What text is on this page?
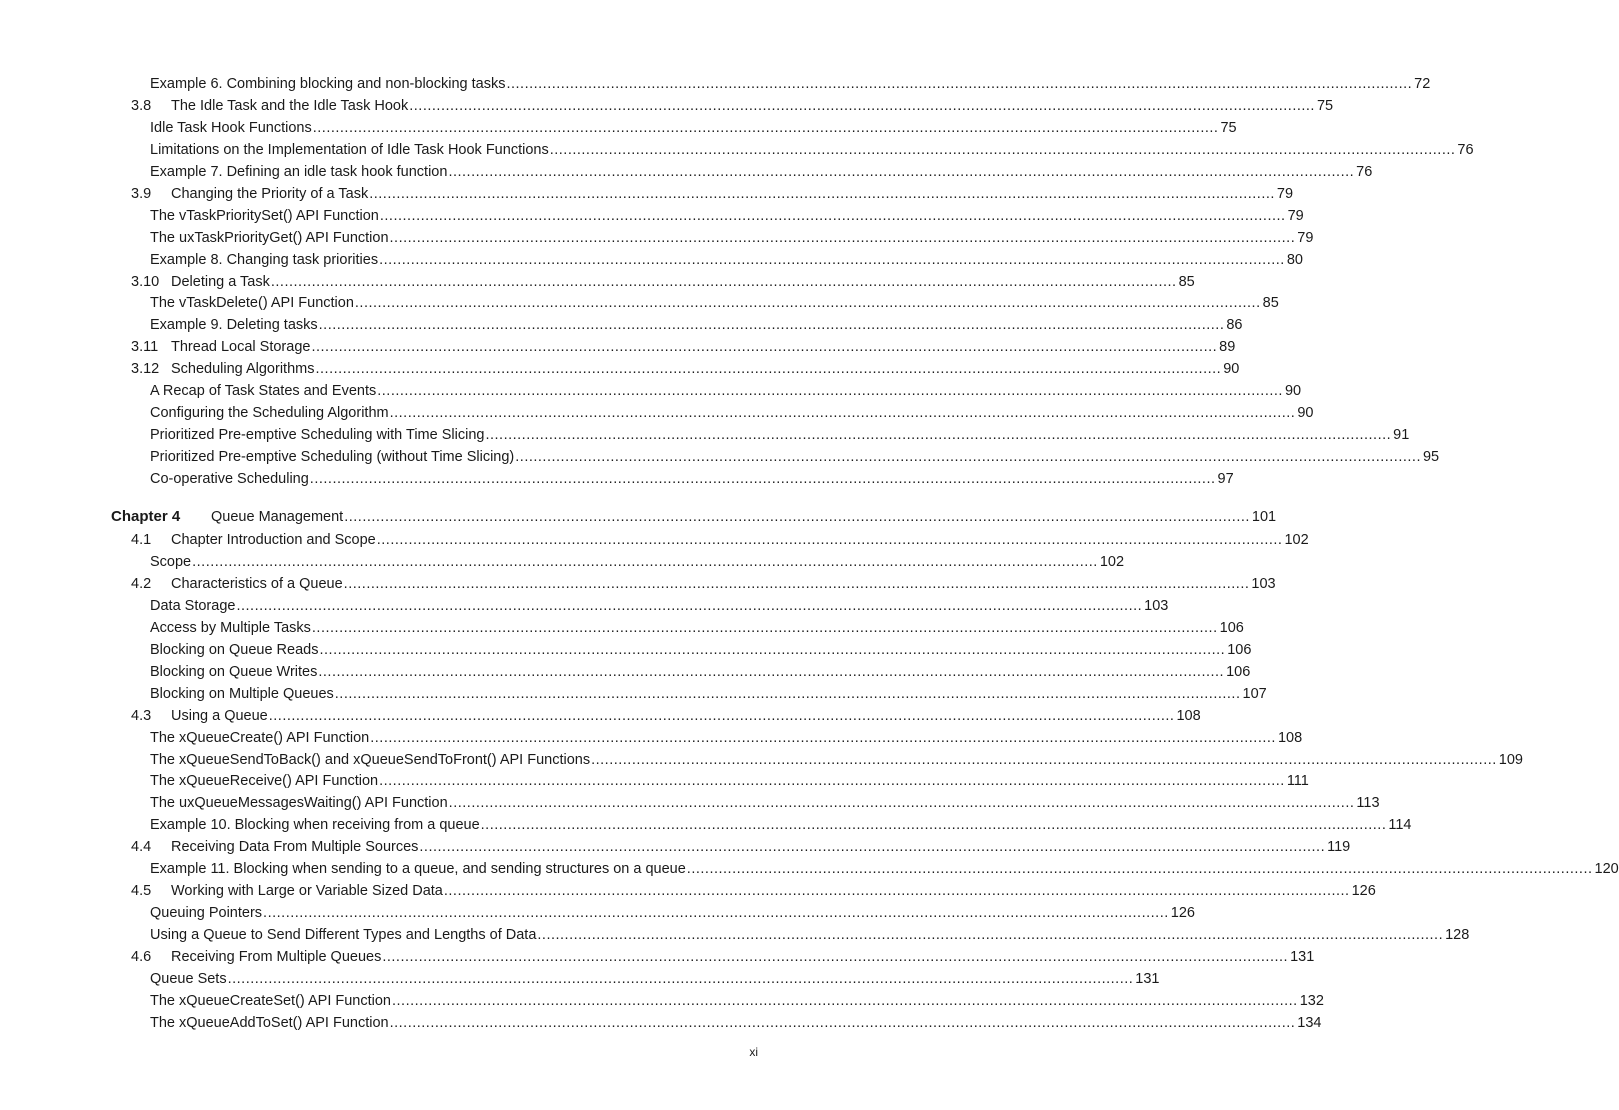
Example 6. Combining blocking and non-blocking tasks ........................................................................................................................................................................................................ 72
3.8	The Idle Task and the Idle Task Hook ........................................................................................................................................................................................................ 75
Idle Task Hook Functions ........................................................................................................................................................................................................ 75
Limitations on the Implementation of Idle Task Hook Functions ........................................................................................................................................................................................................ 76
Example 7. Defining an idle task hook function ........................................................................................................................................................................................................ 76
3.9	Changing the Priority of a Task ........................................................................................................................................................................................................ 79
The vTaskPrioritySet() API Function ........................................................................................................................................................................................................ 79
The uxTaskPriorityGet() API Function ........................................................................................................................................................................................................ 79
Example 8. Changing task priorities ........................................................................................................................................................................................................ 80
3.10 Deleting a Task ........................................................................................................................................................................................................ 85
The vTaskDelete() API Function ........................................................................................................................................................................................................ 85
Example 9. Deleting tasks ........................................................................................................................................................................................................ 86
3.11 Thread Local Storage ........................................................................................................................................................................................................ 89
3.12 Scheduling Algorithms ........................................................................................................................................................................................................ 90
A Recap of Task States and Events ........................................................................................................................................................................................................ 90
Configuring the Scheduling Algorithm ........................................................................................................................................................................................................ 90
Prioritized Pre-emptive Scheduling with Time Slicing ........................................................................................................................................................................................................ 91
Prioritized Pre-emptive Scheduling (without Time Slicing) ........................................................................................................................................................................................................ 95
Co-operative Scheduling ........................................................................................................................................................................................................ 97
Chapter 4	Queue Management ........................................................................................................................................................................................................ 101
4.1	Chapter Introduction and Scope ........................................................................................................................................................................................................ 102
Scope ........................................................................................................................................................................................................ 102
4.2	Characteristics of a Queue ........................................................................................................................................................................................................ 103
Data Storage ........................................................................................................................................................................................................ 103
Access by Multiple Tasks ........................................................................................................................................................................................................ 106
Blocking on Queue Reads ........................................................................................................................................................................................................ 106
Blocking on Queue Writes ........................................................................................................................................................................................................ 106
Blocking on Multiple Queues ........................................................................................................................................................................................................ 107
4.3	Using a Queue ........................................................................................................................................................................................................ 108
The xQueueCreate() API Function ........................................................................................................................................................................................................ 108
The xQueueSendToBack() and xQueueSendToFront() API Functions ........................................................................................................................................................................................................ 109
The xQueueReceive() API Function ........................................................................................................................................................................................................ 111
The uxQueueMessagesWaiting() API Function ........................................................................................................................................................................................................ 113
Example 10. Blocking when receiving from a queue ........................................................................................................................................................................................................ 114
4.4	Receiving Data From Multiple Sources ........................................................................................................................................................................................................ 119
Example 11. Blocking when sending to a queue, and sending structures on a queue ........................................................................................................................................................................................................ 120
4.5	Working with Large or Variable Sized Data ........................................................................................................................................................................................................ 126
Queuing Pointers ........................................................................................................................................................................................................ 126
Using a Queue to Send Different Types and Lengths of Data ........................................................................................................................................................................................................ 128
4.6	Receiving From Multiple Queues ........................................................................................................................................................................................................ 131
Queue Sets ........................................................................................................................................................................................................ 131
The xQueueCreateSet() API Function ........................................................................................................................................................................................................ 132
The xQueueAddToSet() API Function ........................................................................................................................................................................................................ 134
xi
